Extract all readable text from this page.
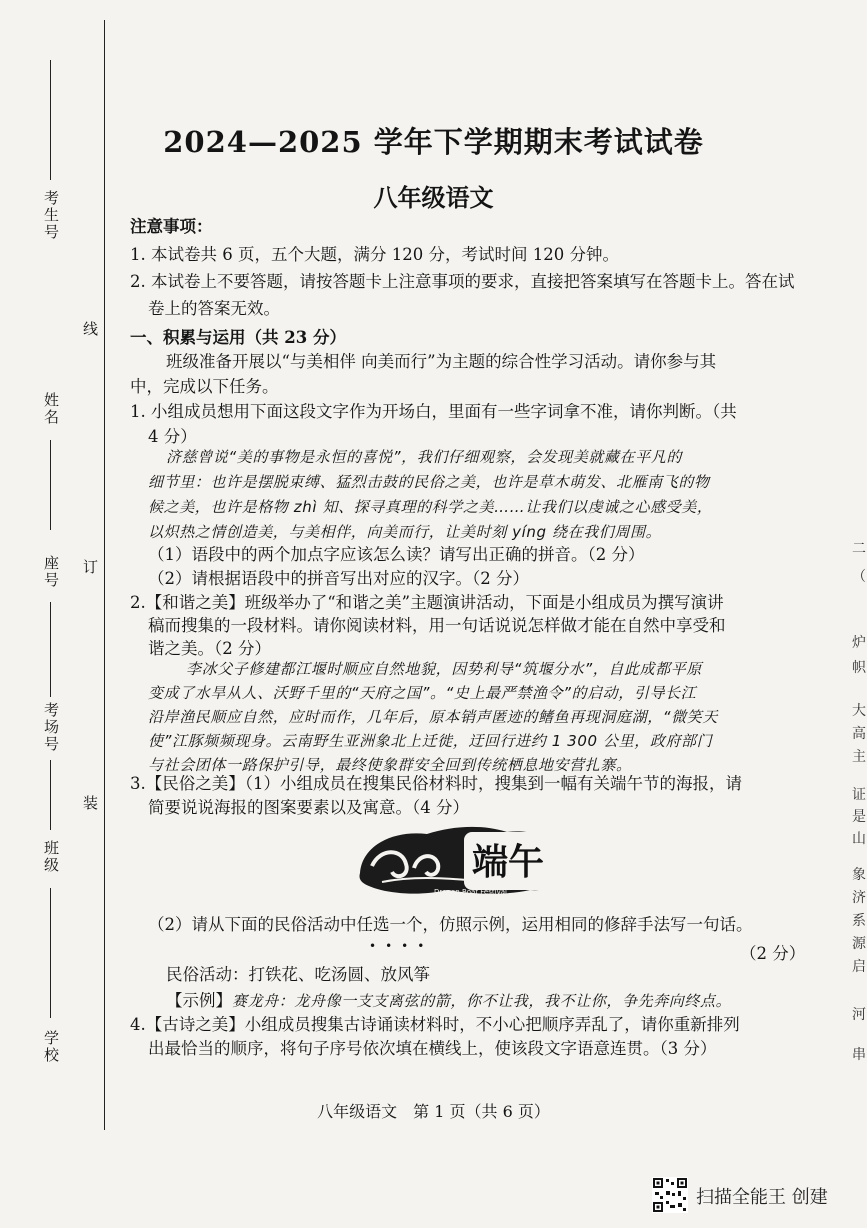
考生号
姓名
座号
考场号
班级
学校
线
订
装
2024—2025 学年下学期期末考试试卷
八年级语文
注意事项：
1. 本试卷共 6 页，五个大题，满分 120 分，考试时间 120 分钟。
2. 本试卷上不要答题，请按答题卡上注意事项的要求，直接把答案填写在答题卡上。答在试
卷上的答案无效。
一、积累与运用（共 23 分）
班级准备开展以“与美相伴 向美而行”为主题的综合性学习活动。请你参与其
中，完成以下任务。
1. 小组成员想用下面这段文字作为开场白，里面有一些字词拿不准，请你判断。（共
4 分）
济慈曾说“美的事物是永恒的喜悦”，我们仔细观察，会发现美就藏在平凡的
细节里：也许是摆脱束缚、猛烈击鼓的民俗之美，也许是草木萌发、北雁南飞的物
候之美，也许是格物 zhì 知、探寻真理的科学之美……让我们以虔诚之心感受美，
以炽热之情创造美，与美相伴，向美而行，让美时刻 yíng 绕在我们周围。
（1）语段中的两个加点字应该怎么读？请写出正确的拼音。（2 分）
（2）请根据语段中的拼音写出对应的汉字。（2 分）
2.【和谐之美】班级举办了“和谐之美”主题演讲活动，下面是小组成员为撰写演讲
稿而搜集的一段材料。请你阅读材料，用一句话说说怎样做才能在自然中享受和
谐之美。（2 分）
李冰父子修建都江堰时顺应自然地貌，因势利导“筑堰分水”，自此成都平原
变成了水旱从人、沃野千里的“天府之国”。“史上最严禁渔令”的启动，引导长江
沿岸渔民顺应自然，应时而作，几年后，原本销声匿迹的鳍鱼再现洞庭湖，“微笑天
使”江豚频频现身。云南野生亚洲象北上迁徙，迂回行进约 1 300 公里，政府部门
与社会团体一路保护引导，最终使象群安全回到传统栖息地安营扎寨。
3.【民俗之美】（1）小组成员在搜集民俗材料时，搜集到一幅有关端午节的海报，请
简要说说海报的图案要素以及寓意。（4 分）
端午
Dragon Boat Festival
（2）请从下面的民俗活动中任选一个，仿照示例，运用相同的修辞手法写一句话。
••••	（2 分）
民俗活动：打铁花、吃汤圆、放风筝
【示例】赛龙舟：龙舟像一支支离弦的箭，你不让我，我不让你，争先奔向终点。
4.【古诗之美】小组成员搜集古诗诵读材料时，不小心把顺序弄乱了，请你重新排列
出最恰当的顺序，将句子序号依次填在横线上，使该段文字语意连贯。（3 分）
八年级语文　第 1 页（共 6 页）
二
（
炉
帜
大
高
主
证
是
山
象
济
系
源
启
河
串
扫描全能王 创建
